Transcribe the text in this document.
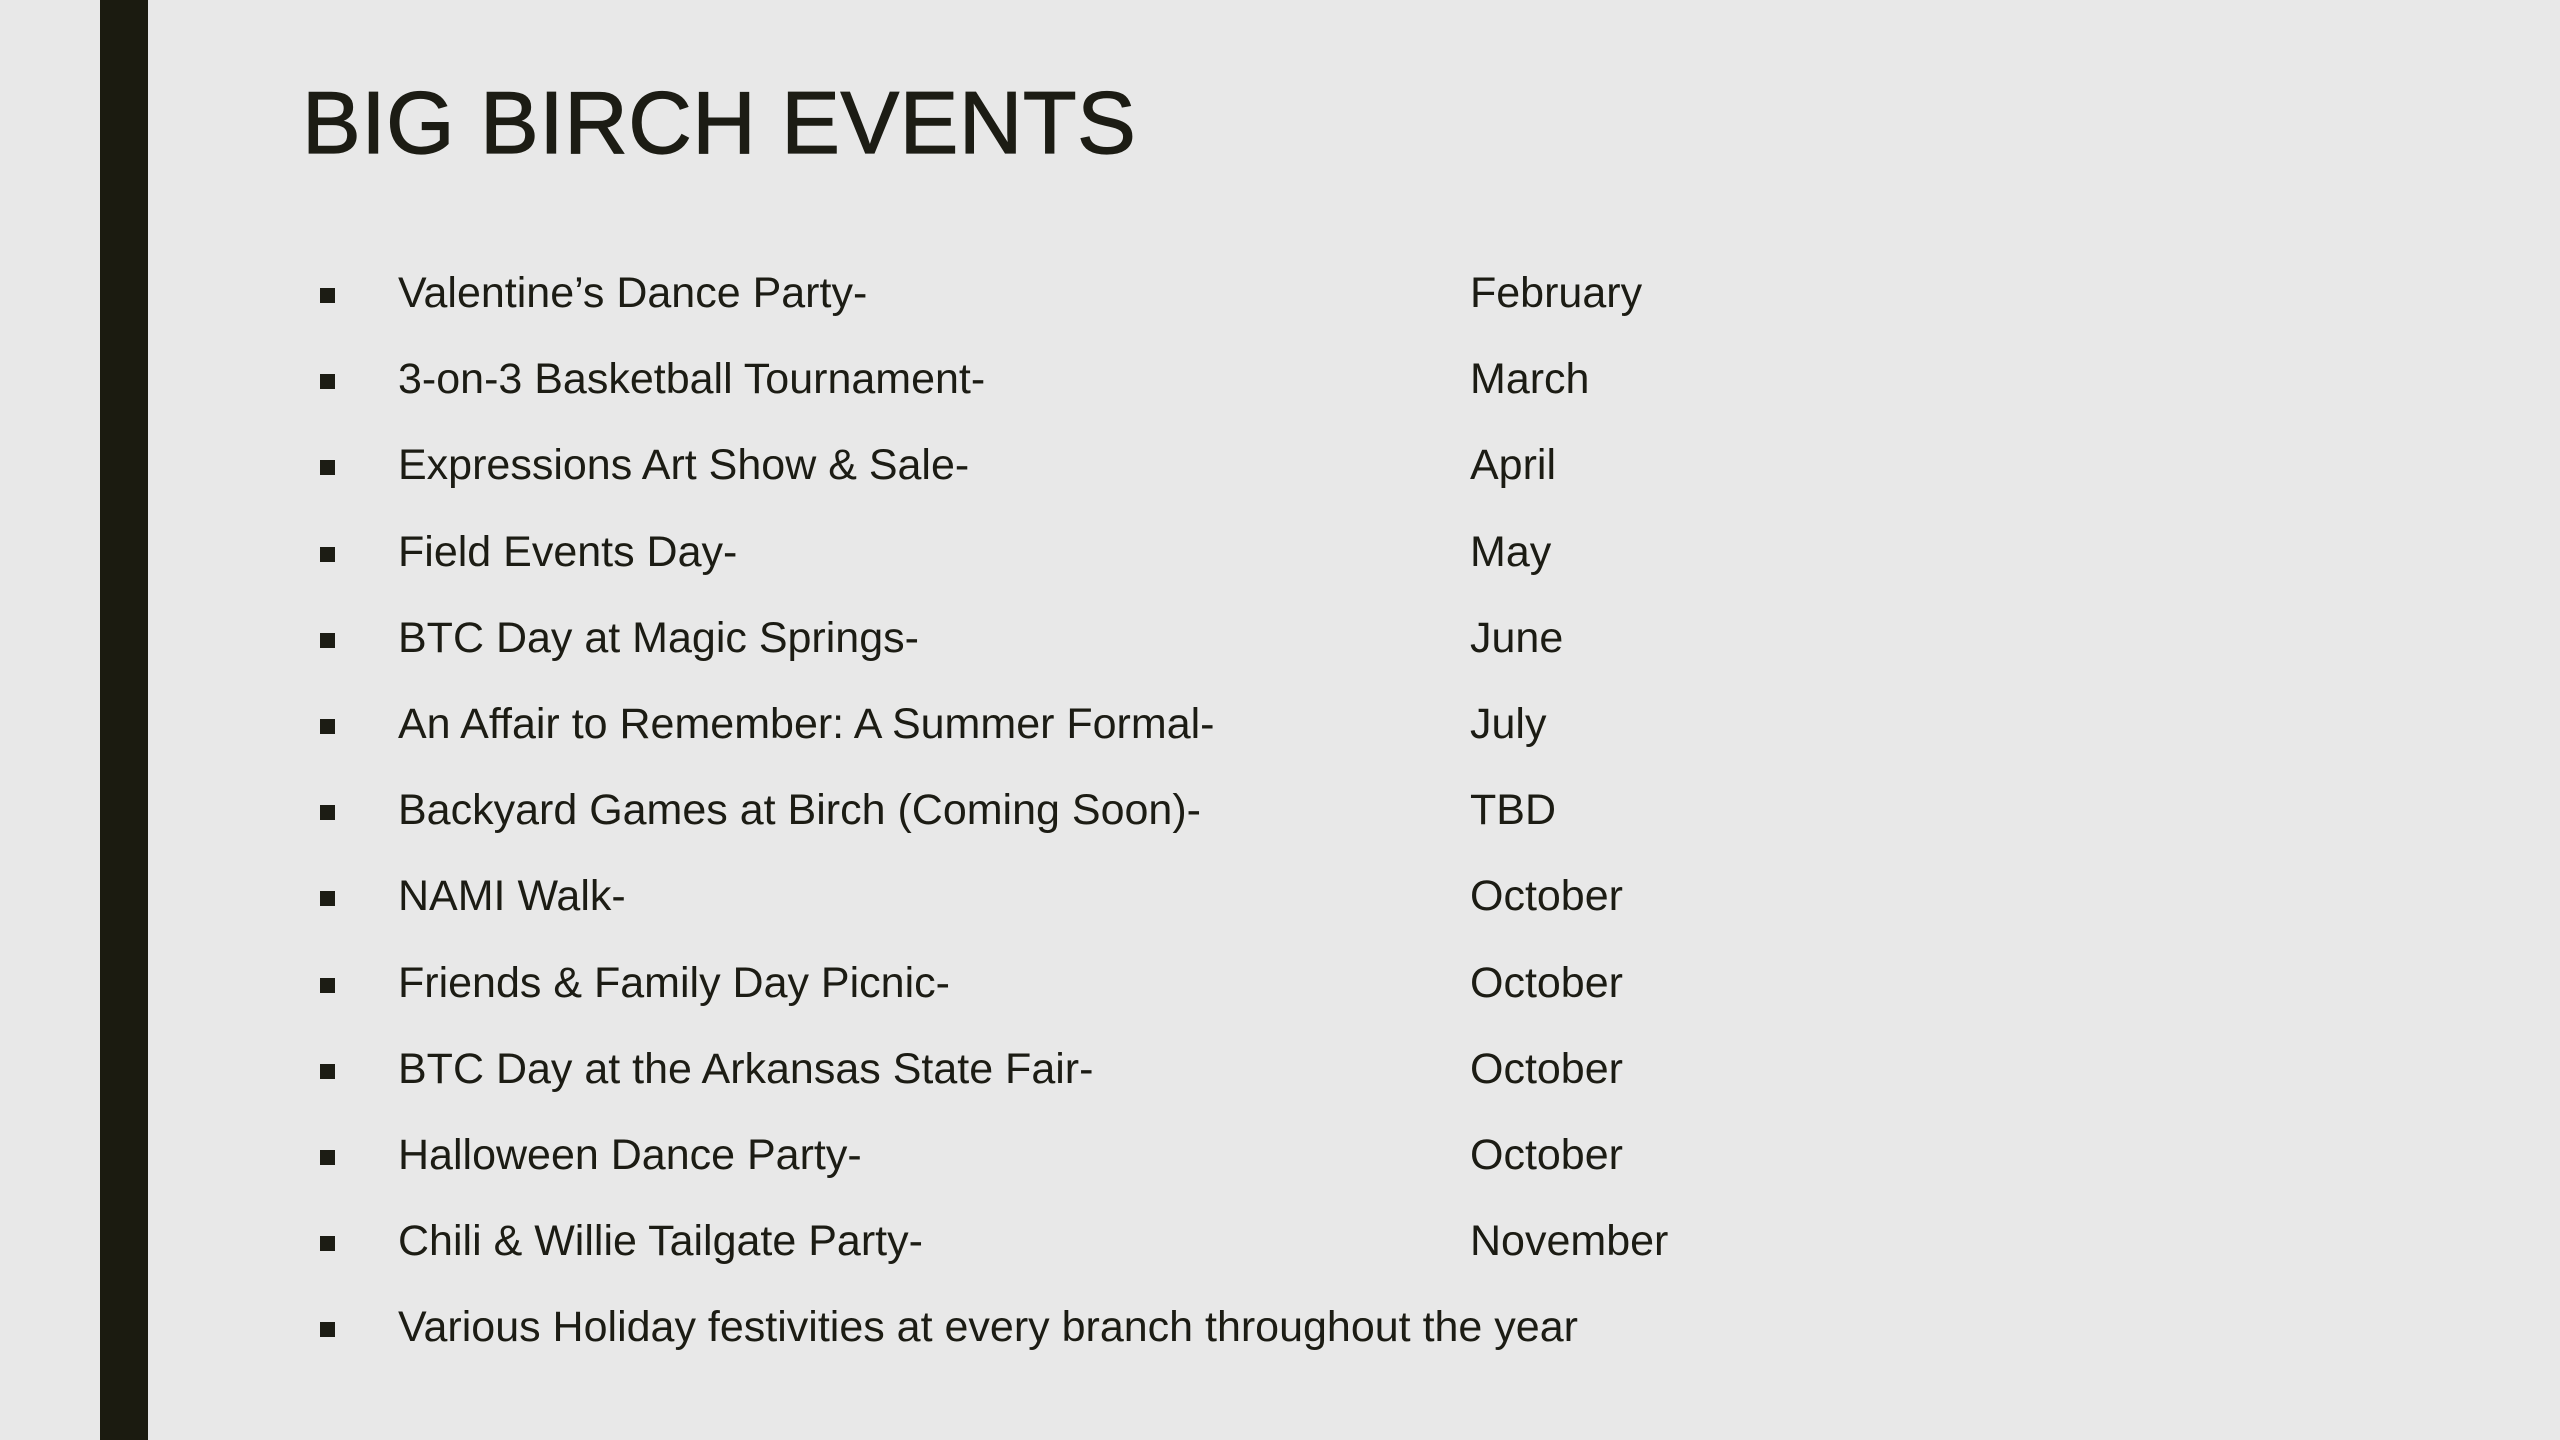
BIG BIRCH EVENTS
Valentine’s Dance Party-	February
3-on-3 Basketball Tournament-	March
Expressions Art Show & Sale-	April
Field Events Day-	May
BTC Day at Magic Springs-	June
An Affair to Remember: A Summer Formal-	July
Backyard Games at Birch (Coming Soon)-	TBD
NAMI Walk-	October
Friends & Family Day Picnic-	October
BTC Day at the Arkansas State Fair-	October
Halloween Dance Party-	October
Chili & Willie Tailgate Party-	November
Various Holiday festivities at every branch throughout the year
